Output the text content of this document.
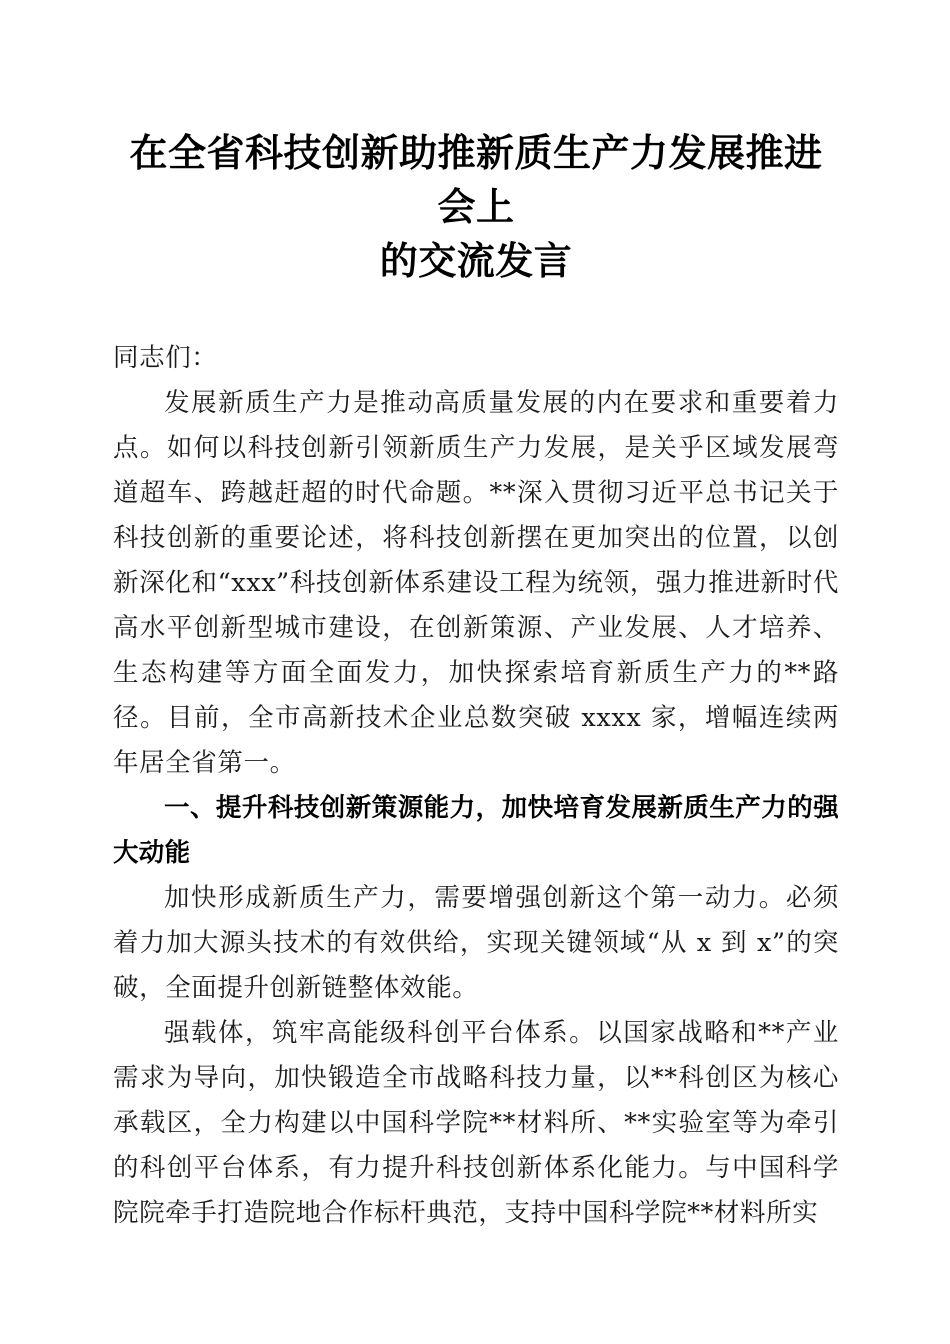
在全省科技创新助推新质生产力发展推进会上
的交流发言

同志们：

发展新质生产力是推动高质量发展的内在要求和重要着力点。如何以科技创新引领新质生产力发展，是关乎区域发展弯道超车、跨越赶超的时代命题。**深入贯彻习近平总书记关于科技创新的重要论述，将科技创新摆在更加突出的位置，以创新深化和“xxx”科技创新体系建设工程为统领，强力推进新时代高水平创新型城市建设，在创新策源、产业发展、人才培养、生态构建等方面全面发力，加快探索培育新质生产力的**路径。目前，全市高新技术企业总数突破 xxxx 家，增幅连续两年居全省第一。

一、提升科技创新策源能力，加快培育发展新质生产力的强大动能

加快形成新质生产力，需要增强创新这个第一动力。必须着力加大源头技术的有效供给，实现关键领域“从 x 到 x”的突破，全面提升创新链整体效能。

强载体，筑牢高能级科创平台体系。以国家战略和**产业需求为导向，加快锻造全市战略科技力量，以**科创区为核心承载区，全力构建以中国科学院**材料所、**实验室等为牵引的科创平台体系，有力提升科技创新体系化能力。与中国科学院院牵手打造院地合作标杆典范，支持中国科学院**材料所实
